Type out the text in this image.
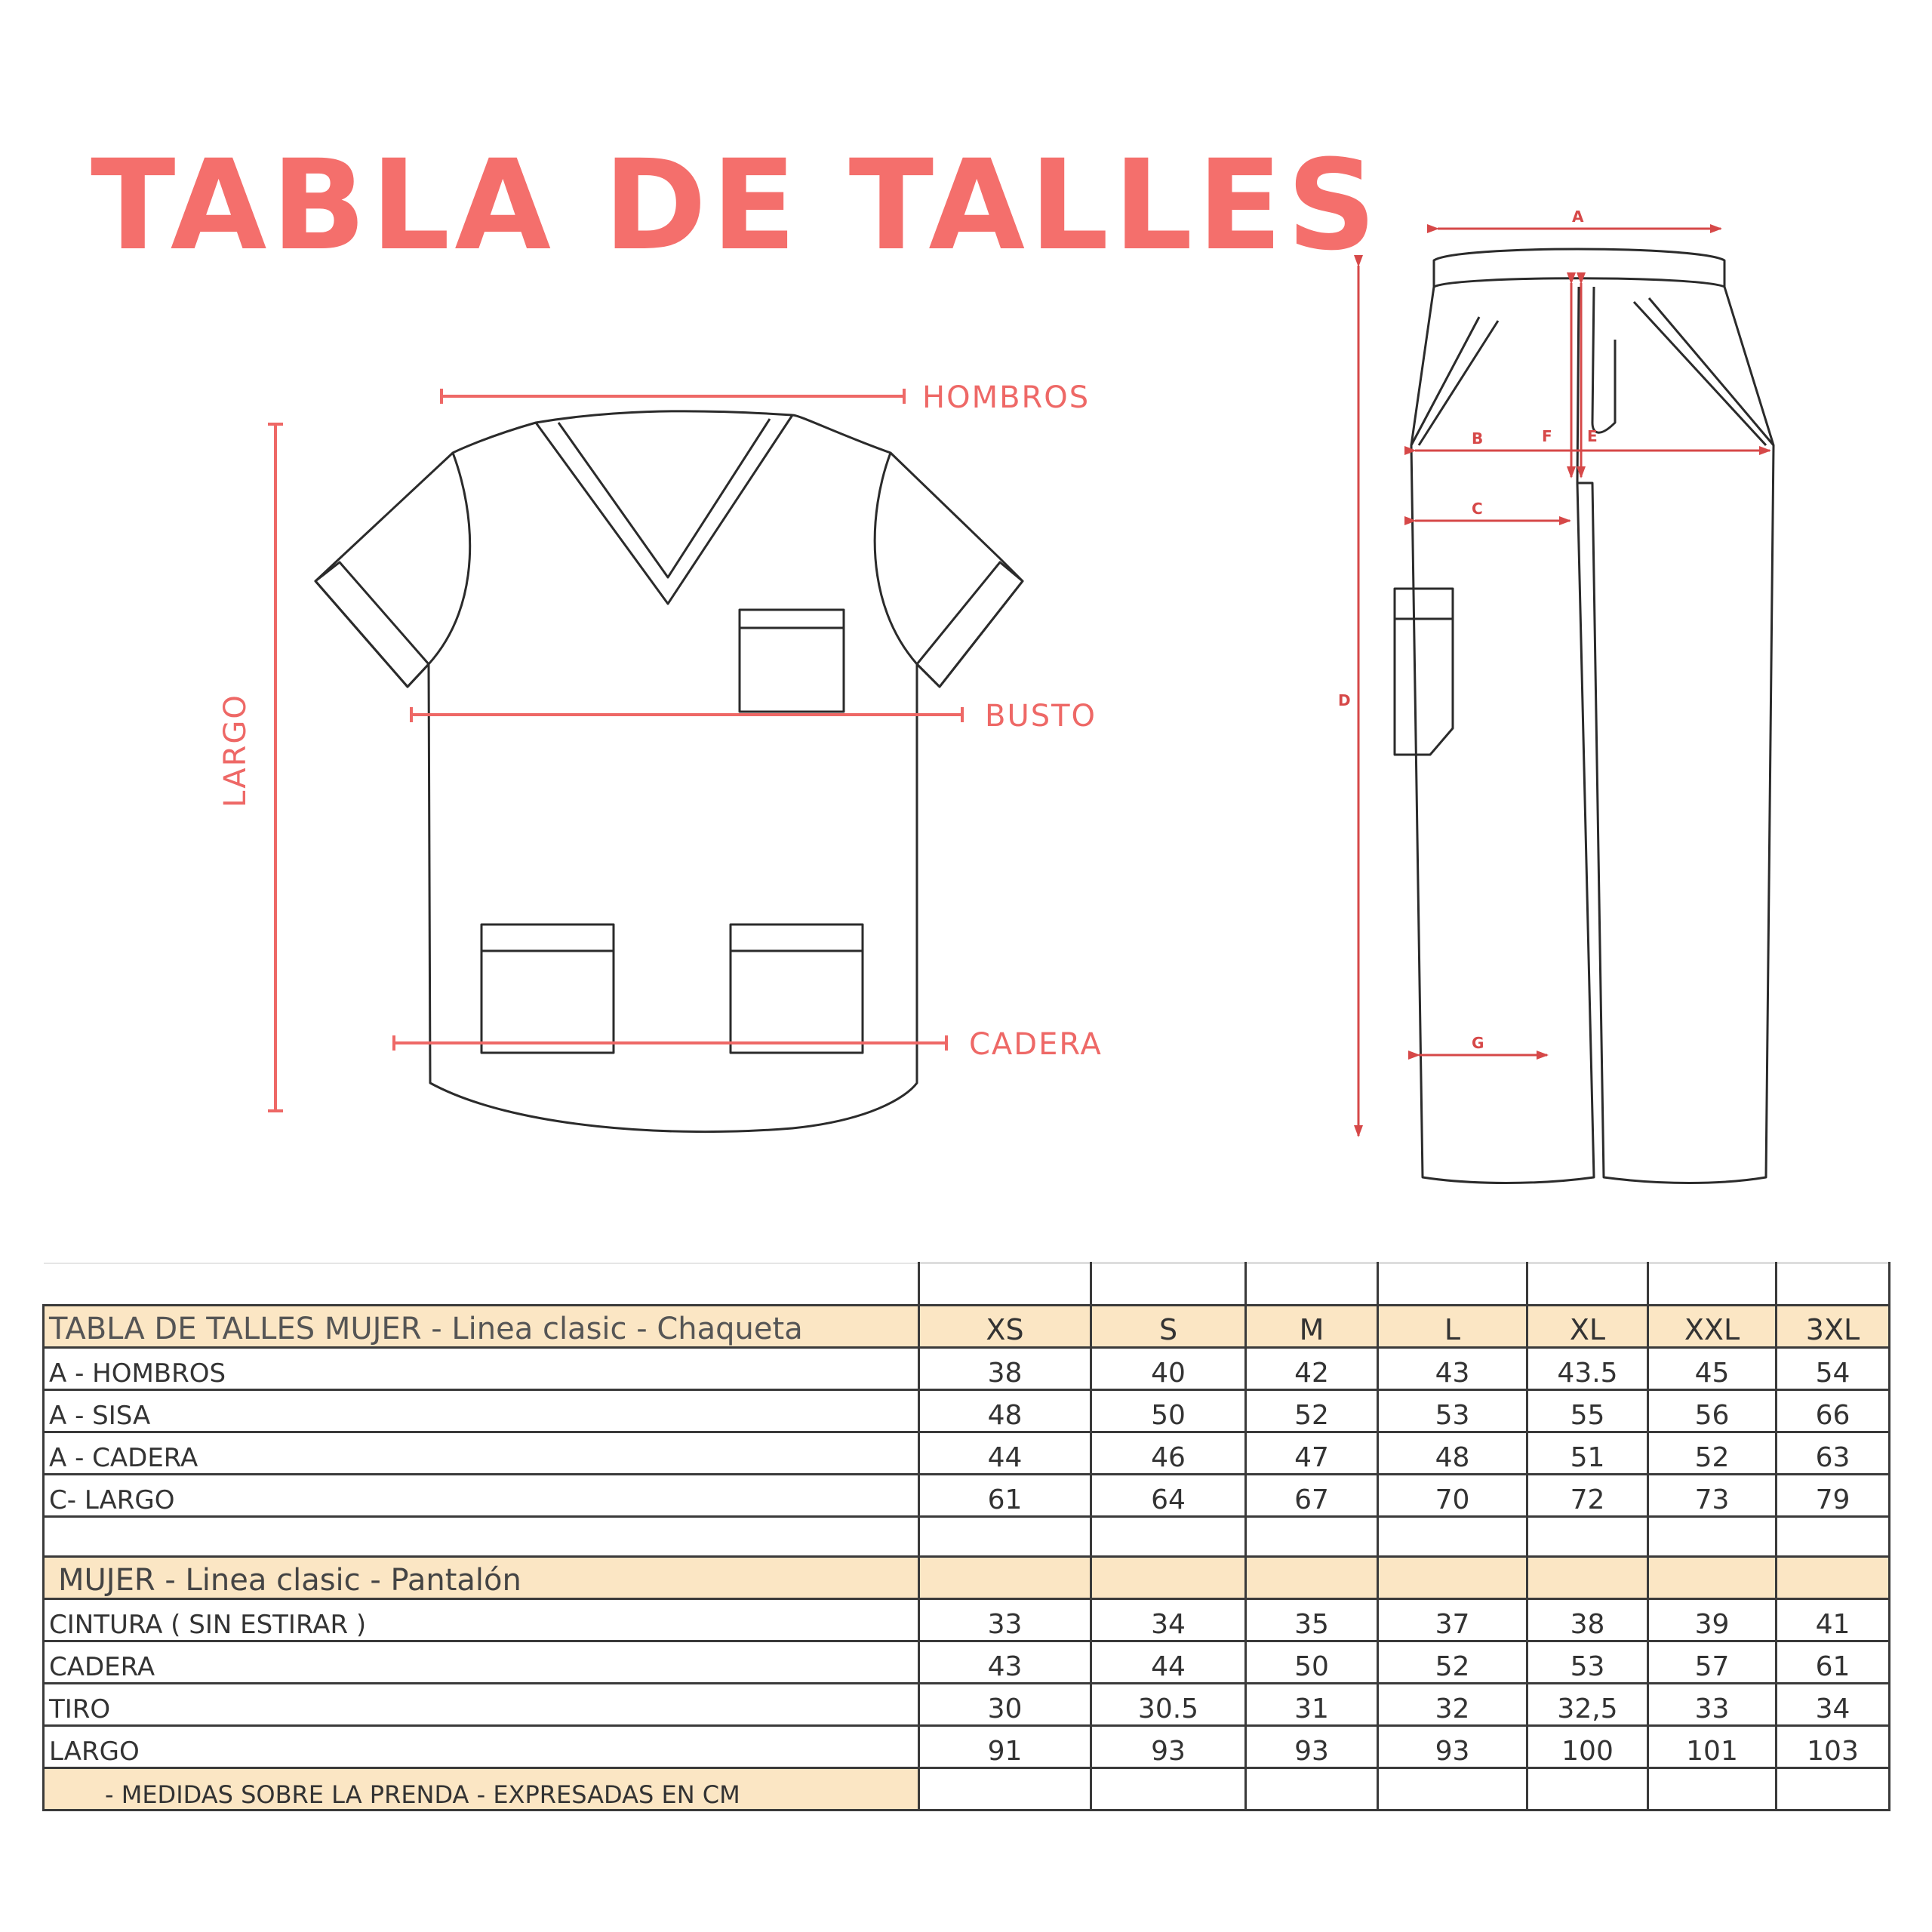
TABLA DE TALLES
HOMBROS
BUSTO
CADERA
LARGO
A
B
C
D
E
F
G

TABLA DE TALLES MUJER - Linea clasic - Chaqueta	XS	S	M	L	XL	XXL	3XL
A - HOMBROS	38	40	42	43	43.5	45	54
A - SISA	48	50	52	53	55	56	66
A - CADERA	44	46	47	48	51	52	63
C- LARGO	61	64	67	70	72	73	79

MUJER - Linea clasic - Pantalón							
CINTURA ( SIN ESTIRAR )	33	34	35	37	38	39	41
CADERA	43	44	50	52	53	57	61
TIRO	30	30.5	31	32	32,5	33	34
LARGO	91	93	93	93	100	101	103
- MEDIDAS SOBRE LA PRENDA - EXPRESADAS EN CM							
